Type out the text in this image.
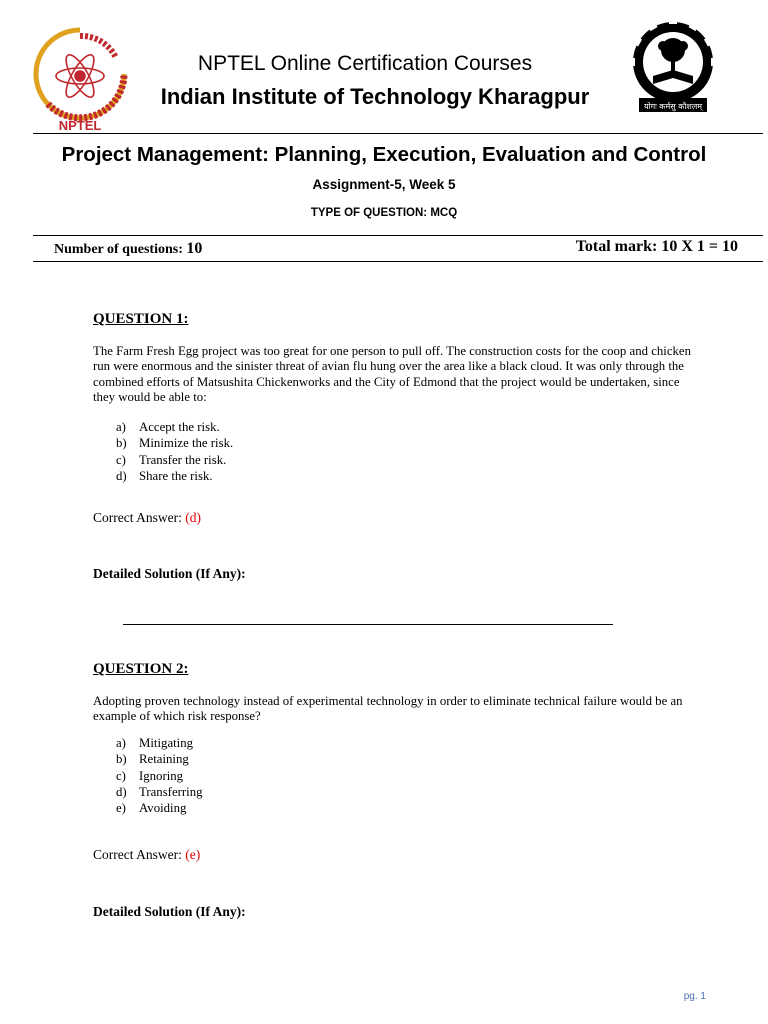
NPTEL
NPTEL Online Certification Courses
Indian Institute of Technology Kharagpur	योगः कर्मसु कौशलम्
Project Management: Planning, Execution, Evaluation and Control
Assignment-5, Week 5
TYPE OF QUESTION: MCQ
Number of questions: 10	Total mark: 10 X 1 = 10
QUESTION 1:
The Farm Fresh Egg project was too great for one person to pull off. The construction costs for the coop and chicken run were enormous and the sinister threat of avian flu hung over the area like a black cloud. It was only through the combined efforts of Matsushita Chickenworks and the City of Edmond that the project would be undertaken, since they would be able to:
a)	Accept the risk.
b) Minimize the risk.
c)	Transfer the risk.
d) Share the risk.
Correct Answer: (d)
Detailed Solution (If Any):
QUESTION 2:
Adopting proven technology instead of experimental technology in order to eliminate technical failure would be an example of which risk response?
a)	Mitigating
b) Retaining
c)	Ignoring
d) Transferring
e)	Avoiding
Correct Answer: (e)
Detailed Solution (If Any):
pg. 1
